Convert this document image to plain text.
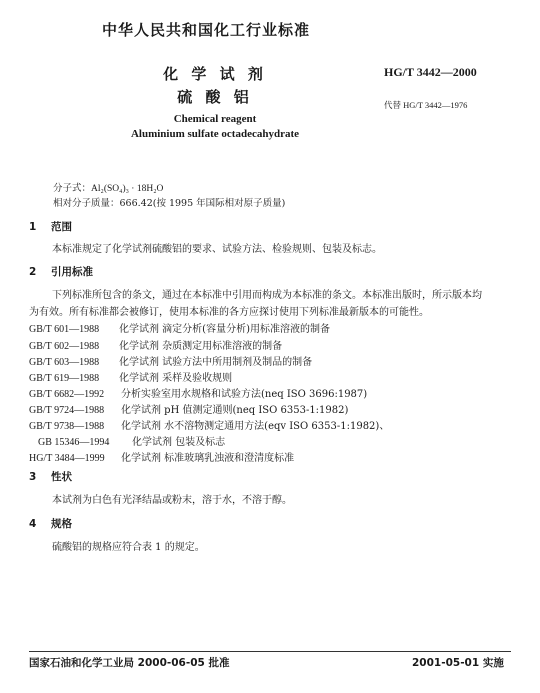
中华人民共和国化工行业标准
化 学 试 剂
硫 酸 铝
HG/T 3442—2000
代替 HG/T 3442—1976
Chemical reagent
Aluminium sulfate octadecahydrate
分子式：Al₂(SO₄)₃ · 18H₂O
相对分子质量：666.42(按 1995 年国际相对原子质量)
1 范围
本标准规定了化学试剂硫酸铝的要求、试验方法、检验规则、包装及标志。
2 引用标准
下列标准所包含的条文，通过在本标准中引用而构成为本标准的条文。本标准出版时，所示版本均
为有效。所有标准都会被修订，使用本标准的各方应探讨使用下列标准最新版本的可能性。
GB/T 601—1988 化学试剂 滴定分析(容量分析)用标准溶液的制备
GB/T 602—1988 化学试剂 杂质测定用标准溶液的制备
GB/T 603—1988 化学试剂 试验方法中所用制剂及制品的制备
GB/T 619—1988 化学试剂 采样及验收规则
GB/T 6682—1992 分析实验室用水规格和试验方法(neq ISO 3696:1987)
GB/T 9724—1988 化学试剂 pH 值测定通则(neq ISO 6353-1:1982)
GB/T 9738—1988 化学试剂 水不溶物测定通用方法(eqv ISO 6353-1:1982)、
GB 15346—1994 化学试剂 包装及标志
HG/T 3484—1999 化学试剂 标准玻璃乳浊液和澄清度标准
3 性状
本试剂为白色有光泽结晶或粉末，溶于水，不溶于醇。
4 规格
硫酸铝的规格应符合表 1 的规定。
国家石油和化学工业局 2000-06-05 批准	2001-05-01 实施
